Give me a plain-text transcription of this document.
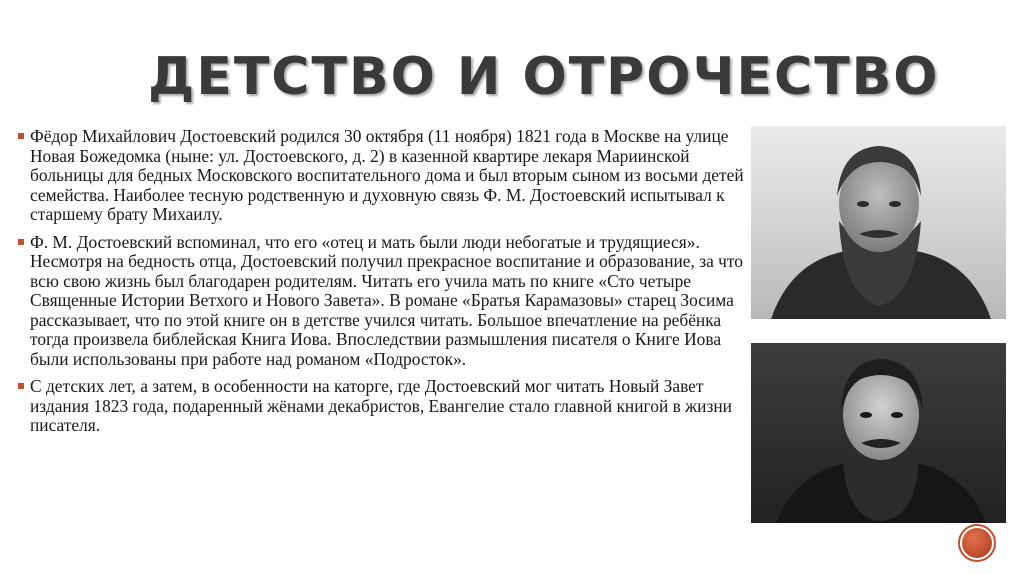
ДЕТСТВО И ОТРОЧЕСТВО
Фёдор Михайлович Достоевский родился 30 октября (11 ноября) 1821 года в Москве на улице Новая Божедомка (ныне: ул. Достоевского, д. 2) в казенной квартире лекаря Мариинской больницы для бедных Московского воспитательного дома и был вторым сыном из восьми детей семейства. Наиболее тесную родственную и духовную связь Ф. М. Достоевский испытывал к старшему брату Михаилу.
Ф. М. Достоевский вспоминал, что его «отец и мать были люди небогатые и трудящиеся». Несмотря на бедность отца, Достоевский получил прекрасное воспитание и образование, за что всю свою жизнь был благодарен родителям. Читать его учила мать по книге «Сто четыре Священные Истории Ветхого и Нового Завета». В романе «Братья Карамазовы» старец Зосима рассказывает, что по этой книге он в детстве учился читать. Большое впечатление на ребёнка тогда произвела библейская Книга Иова. Впоследствии размышления писателя о Книге Иова были использованы при работе над романом «Подросток».
С детских лет, а затем, в особенности на каторге, где Достоевский мог читать Новый Завет издания 1823 года, подаренный жёнами декабристов, Евангелие стало главной книгой в жизни писателя.
